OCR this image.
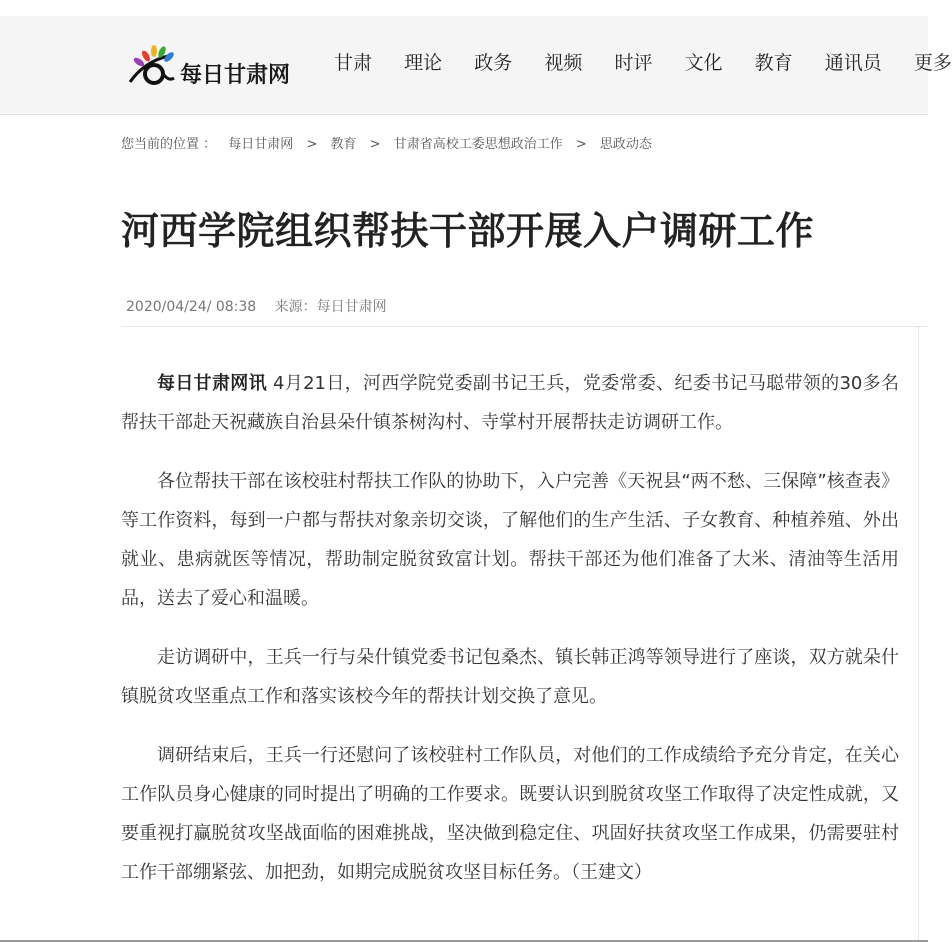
每日甘肃网 甘肃 理论 政务 视频 时评 文化 教育 通讯员 更多
您当前的位置 ： 每日甘肃网 > 教育 > 甘肃省高校工委思想政治工作 > 思政动态
河西学院组织帮扶干部开展入户调研工作
2020/04/24/ 08:38 来源：每日甘肃网

每日甘肃网讯 4月21日，河西学院党委副书记王兵，党委常委、纪委书记马聪带领的30多名帮扶干部赴天祝藏族自治县朵什镇茶树沟村、寺掌村开展帮扶走访调研工作。

各位帮扶干部在该校驻村帮扶工作队的协助下，入户完善《天祝县“两不愁、三保障”核查表》等工作资料，每到一户都与帮扶对象亲切交谈，了解他们的生产生活、子女教育、种植养殖、外出就业、患病就医等情况，帮助制定脱贫致富计划。帮扶干部还为他们准备了大米、清油等生活用品，送去了爱心和温暖。

走访调研中，王兵一行与朵什镇党委书记包桑杰、镇长韩正鸿等领导进行了座谈，双方就朵什镇脱贫攻坚重点工作和落实该校今年的帮扶计划交换了意见。

调研结束后，王兵一行还慰问了该校驻村工作队员，对他们的工作成绩给予充分肯定，在关心工作队员身心健康的同时提出了明确的工作要求。既要认识到脱贫攻坚工作取得了决定性成就，又要重视打赢脱贫攻坚战面临的困难挑战，坚决做到稳定住、巩固好扶贫攻坚工作成果，仍需要驻村工作干部绷紧弦、加把劲，如期完成脱贫攻坚目标任务。（王建文）
